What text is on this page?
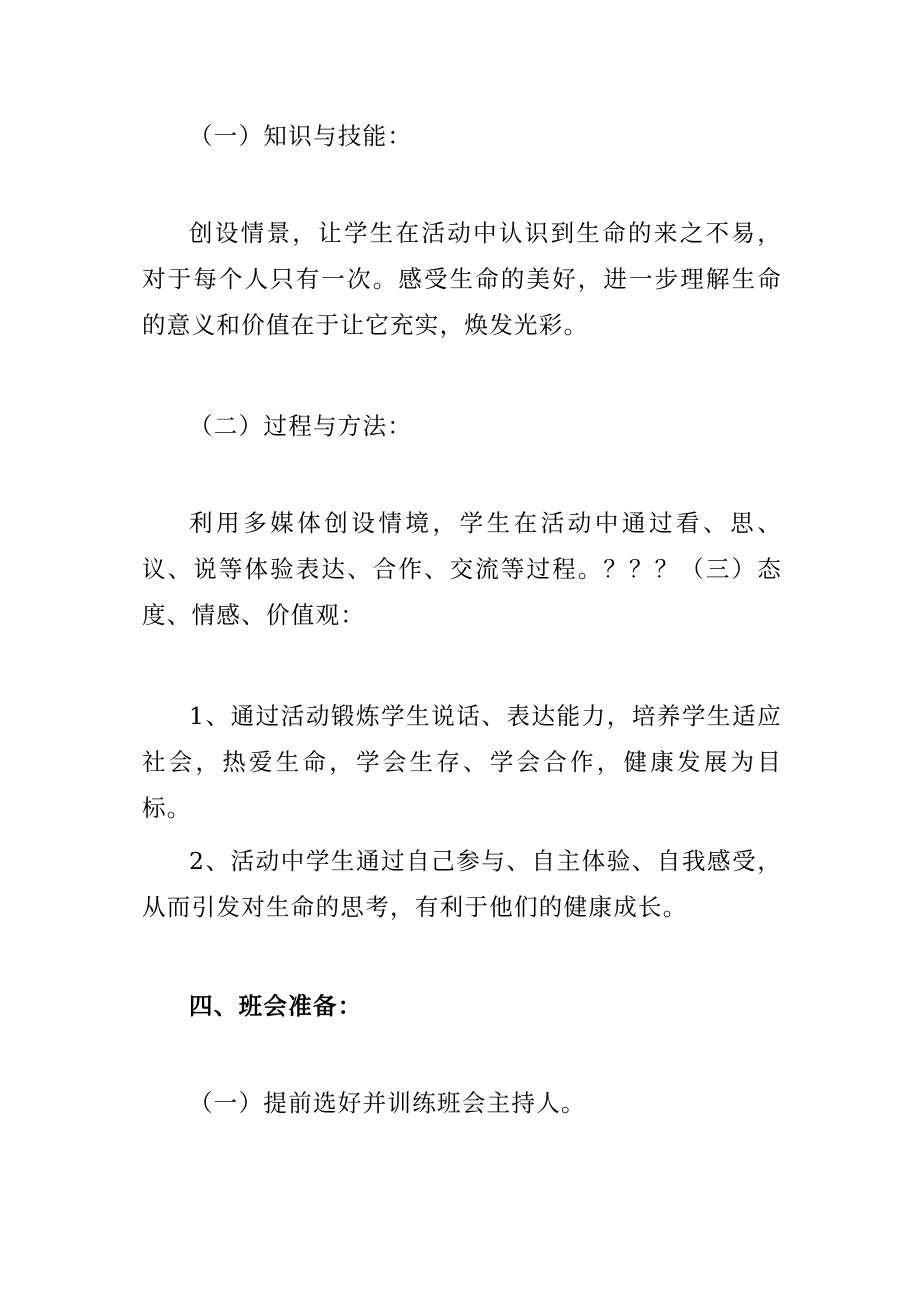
（一）知识与技能：

创设情景，让学生在活动中认识到生命的来之不易，对于每个人只有一次。感受生命的美好，进一步理解生命的意义和价值在于让它充实，焕发光彩。

（二）过程与方法：

利用多媒体创设情境，学生在活动中通过看、思、议、说等体验表达、合作、交流等过程。？？？（三）态度、情感、价值观：

1、通过活动锻炼学生说话、表达能力，培养学生适应社会，热爱生命，学会生存、学会合作，健康发展为目标。

2、活动中学生通过自己参与、自主体验、自我感受，从而引发对生命的思考，有利于他们的健康成长。

四、班会准备：

（一）提前选好并训练班会主持人。
